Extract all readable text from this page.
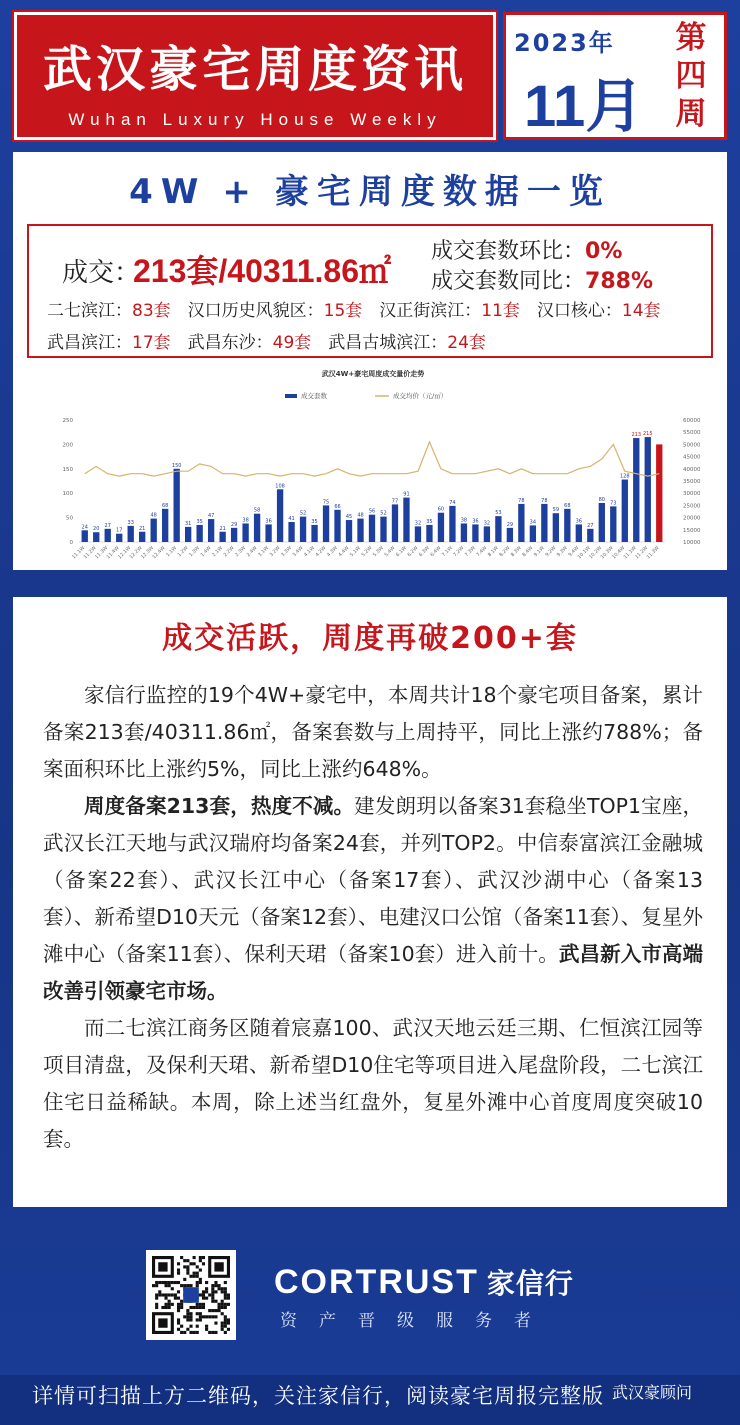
武汉豪宅周度资讯
Wuhan Luxury House Weekly
2023年
11月
第
四
周
4W + 豪宅周度数据一览
成交：
213套/40311.86㎡
成交套数环比：0%
成交套数同比：788%
二七滨江：83套 汉口历史风貌区：15套 汉正街滨江：11套 汉口核心：14套
武昌滨江：17套 武昌东沙：49套 武昌古城滨江：24套
武汉4W+豪宅周度成交量价走势
成交套数	成交均价（元/㎡）
0
50
100
150
200
250
10000
15000
20000
25000
30000
35000
40000
45000
50000
55000
60000
24 20
27
17
33
21
48
68
150
31 35
47
21
29
38
58
36
108
41
52
35
75
66
45 48
56 52
77
91
32 35
60
74
38 36 32
53
29
78
34
78
59
68
36
27
80
73
128
213 215
11.1W
11.2W
11.3W
11.4W
12.1W
12.2W
12.3W
12.4W 1.1W 1.2W 1.3W 1.4W 2.1W 2.2W 2.3W 2.4W 3.1W 3.2W 3.3W 3.4W 4.1W 4.2W 4.3W 4.4W 5.1W 5.2W 5.3W 5.4W 6.1W 6.2W 6.3W 6.4W 7.1W 7.2W 7.3W 7.4W 8.1W 8.2W 8.3W 8.4W 9.1W 9.2W 9.3W 9.4W
10.1W
10.2W
10.3W
10.4W
11.1W
11.2W
11.3W
成交活跃，周度再破200+套

家信行监控的19个4W+豪宅中，本周共计18个豪宅项目备案，累计备案213套/40311.86㎡，备案套数与上周持平，同比上涨约788%；备案面积环比上涨约5%，同比上涨约648%。

周度备案213套，热度不减。建发朗玥以备案31套稳坐TOP1宝座，武汉长江天地与武汉瑞府均备案24套，并列TOP2。中信泰富滨江金融城（备案22套）、武汉长江中心（备案17套）、武汉沙湖中心（备案13套）、新希望D10天元（备案12套）、电建汉口公馆（备案11套）、复星外滩中心（备案11套）、保利天珺（备案10套）进入前十。武昌新入市高端改善引领豪宅市场。

而二七滨江商务区随着宸嘉100、武汉天地云廷三期、仁恒滨江园等项目清盘，及保利天珺、新希望D10住宅等项目进入尾盘阶段，二七滨江住宅日益稀缺。本周，除上述当红盘外，复星外滩中心首度周度突破10套。

CORTRUST 家信行
资产晋级服务者
详情可扫描上方二维码，关注家信行，阅读豪宅周报完整版 武汉豪顾问
